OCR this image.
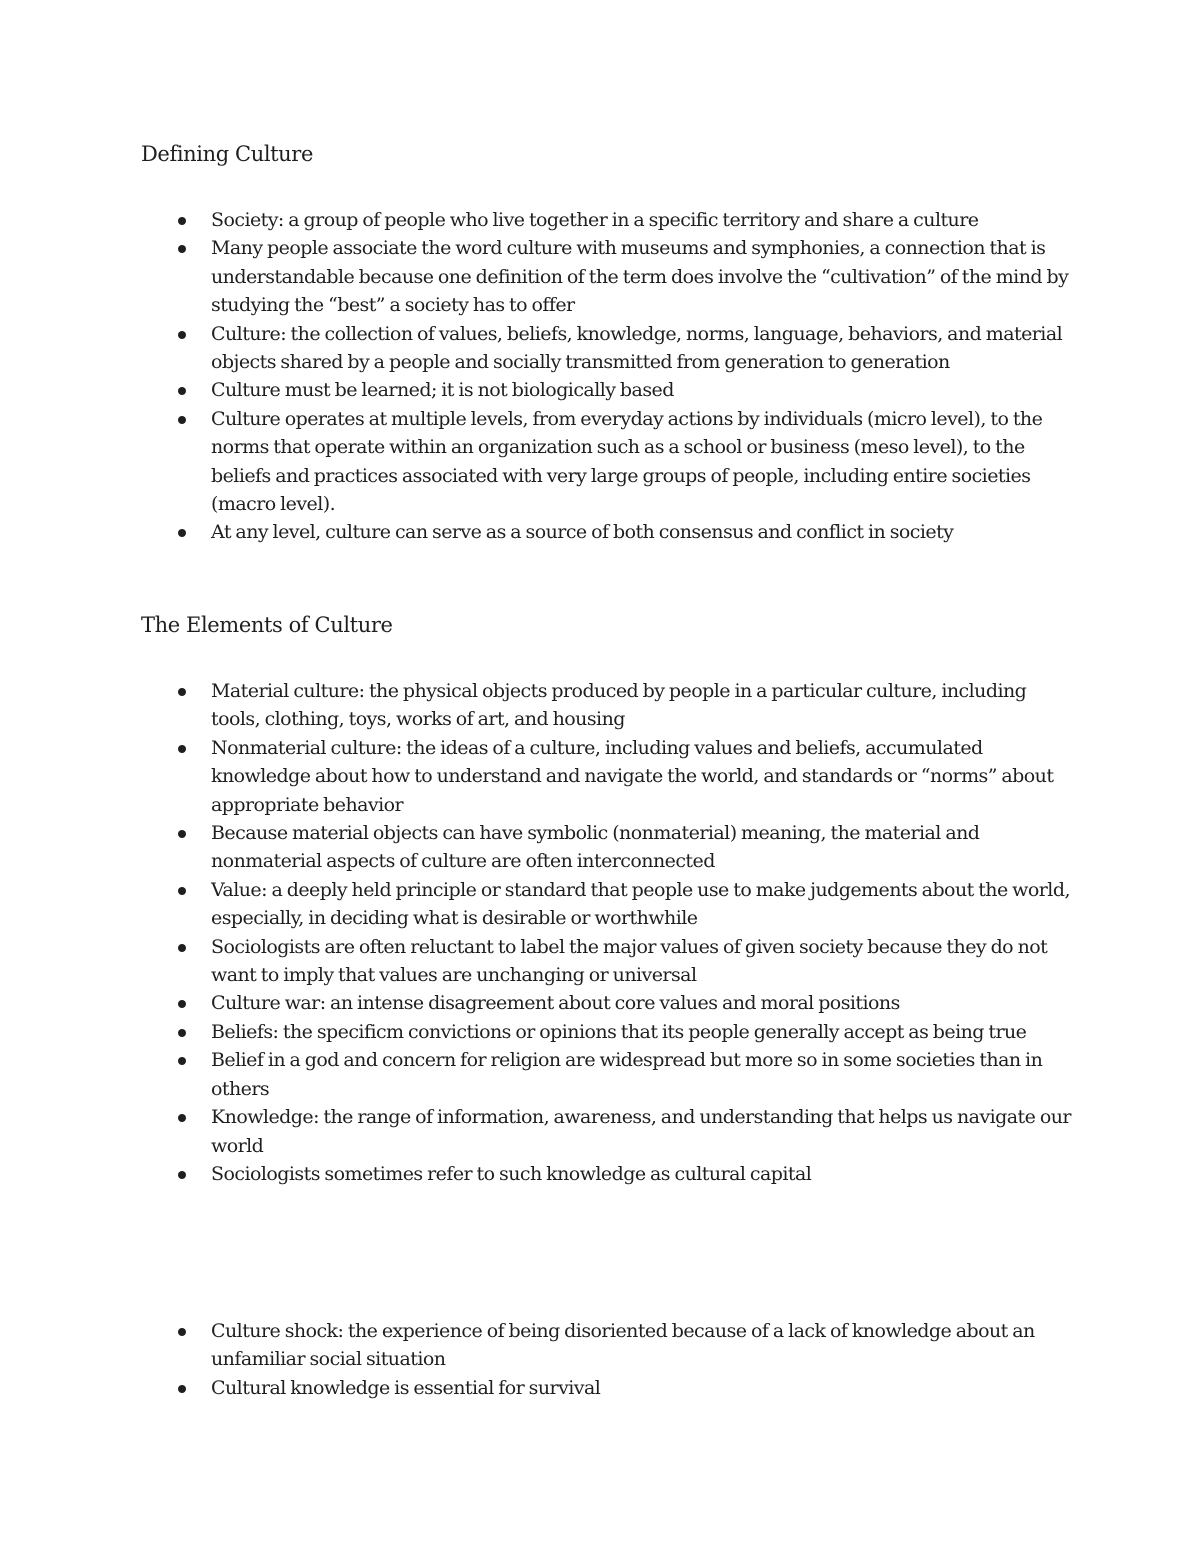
Defining Culture
Society: a group of people who live together in a specific territory and share a culture
Many people associate the word culture with museums and symphonies, a connection that is understandable because one definition of the term does involve the “cultivation” of the mind by studying the “best” a society has to offer
Culture: the collection of values, beliefs, knowledge, norms, language, behaviors, and material objects shared by a people and socially transmitted from generation to generation
Culture must be learned; it is not biologically based
Culture operates at multiple levels, from everyday actions by individuals (micro level), to the norms that operate within an organization such as a school or business (meso level), to the beliefs and practices associated with very large groups of people, including entire societies (macro level).
At any level, culture can serve as a source of both consensus and conflict in society
The Elements of Culture
Material culture: the physical objects produced by people in a particular culture, including tools, clothing, toys, works of art, and housing
Nonmaterial culture: the ideas of a culture, including values and beliefs, accumulated knowledge about how to understand and navigate the world, and standards or “norms” about appropriate behavior
Because material objects can have symbolic (nonmaterial) meaning, the material and nonmaterial aspects of culture are often interconnected
Value: a deeply held principle or standard that people use to make judgements about the world, especially, in deciding what is desirable or worthwhile
Sociologists are often reluctant to label the major values of given society because they do not want to imply that values are unchanging or universal
Culture war: an intense disagreement about core values and moral positions
Beliefs: the specificm convictions or opinions that its people generally accept as being true
Belief in a god and concern for religion are widespread but more so in some societies than in others
Knowledge: the range of information, awareness, and understanding that helps us navigate our world
Sociologists sometimes refer to such knowledge as cultural capital
Culture shock: the experience of being disoriented because of a lack of knowledge about an unfamiliar social situation
Cultural knowledge is essential for survival
